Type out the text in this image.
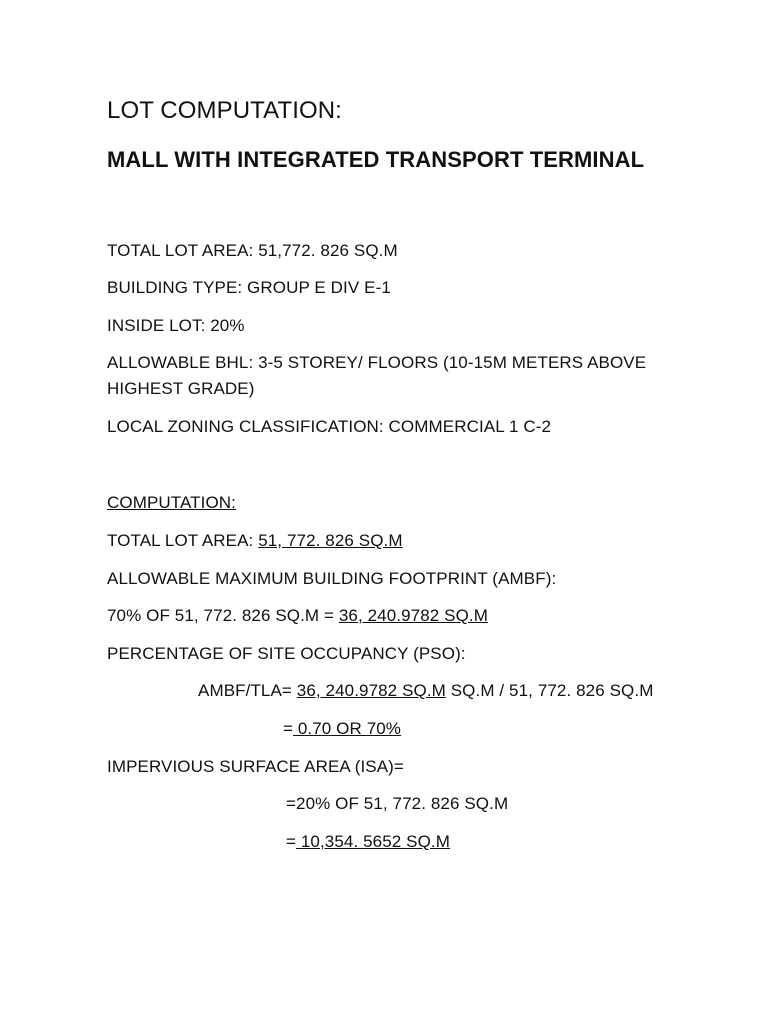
LOT COMPUTATION:
MALL WITH INTEGRATED TRANSPORT TERMINAL
TOTAL LOT AREA: 51,772. 826 SQ.M
BUILDING TYPE: GROUP E DIV E-1
INSIDE LOT: 20%
ALLOWABLE BHL: 3-5 STOREY/ FLOORS (10-15M METERS ABOVE HIGHEST GRADE)
LOCAL ZONING CLASSIFICATION: COMMERCIAL 1 C-2
COMPUTATION:
TOTAL LOT AREA: 51, 772. 826 SQ.M
ALLOWABLE MAXIMUM BUILDING FOOTPRINT (AMBF):
70% OF 51, 772. 826 SQ.M = 36, 240.9782 SQ.M
PERCENTAGE OF SITE OCCUPANCY (PSO):
AMBF/TLA= 36, 240.9782 SQ.M SQ.M / 51, 772. 826 SQ.M
= 0.70 OR 70%
IMPERVIOUS SURFACE AREA (ISA)=
=20% OF 51, 772. 826 SQ.M
= 10,354. 5652 SQ.M
